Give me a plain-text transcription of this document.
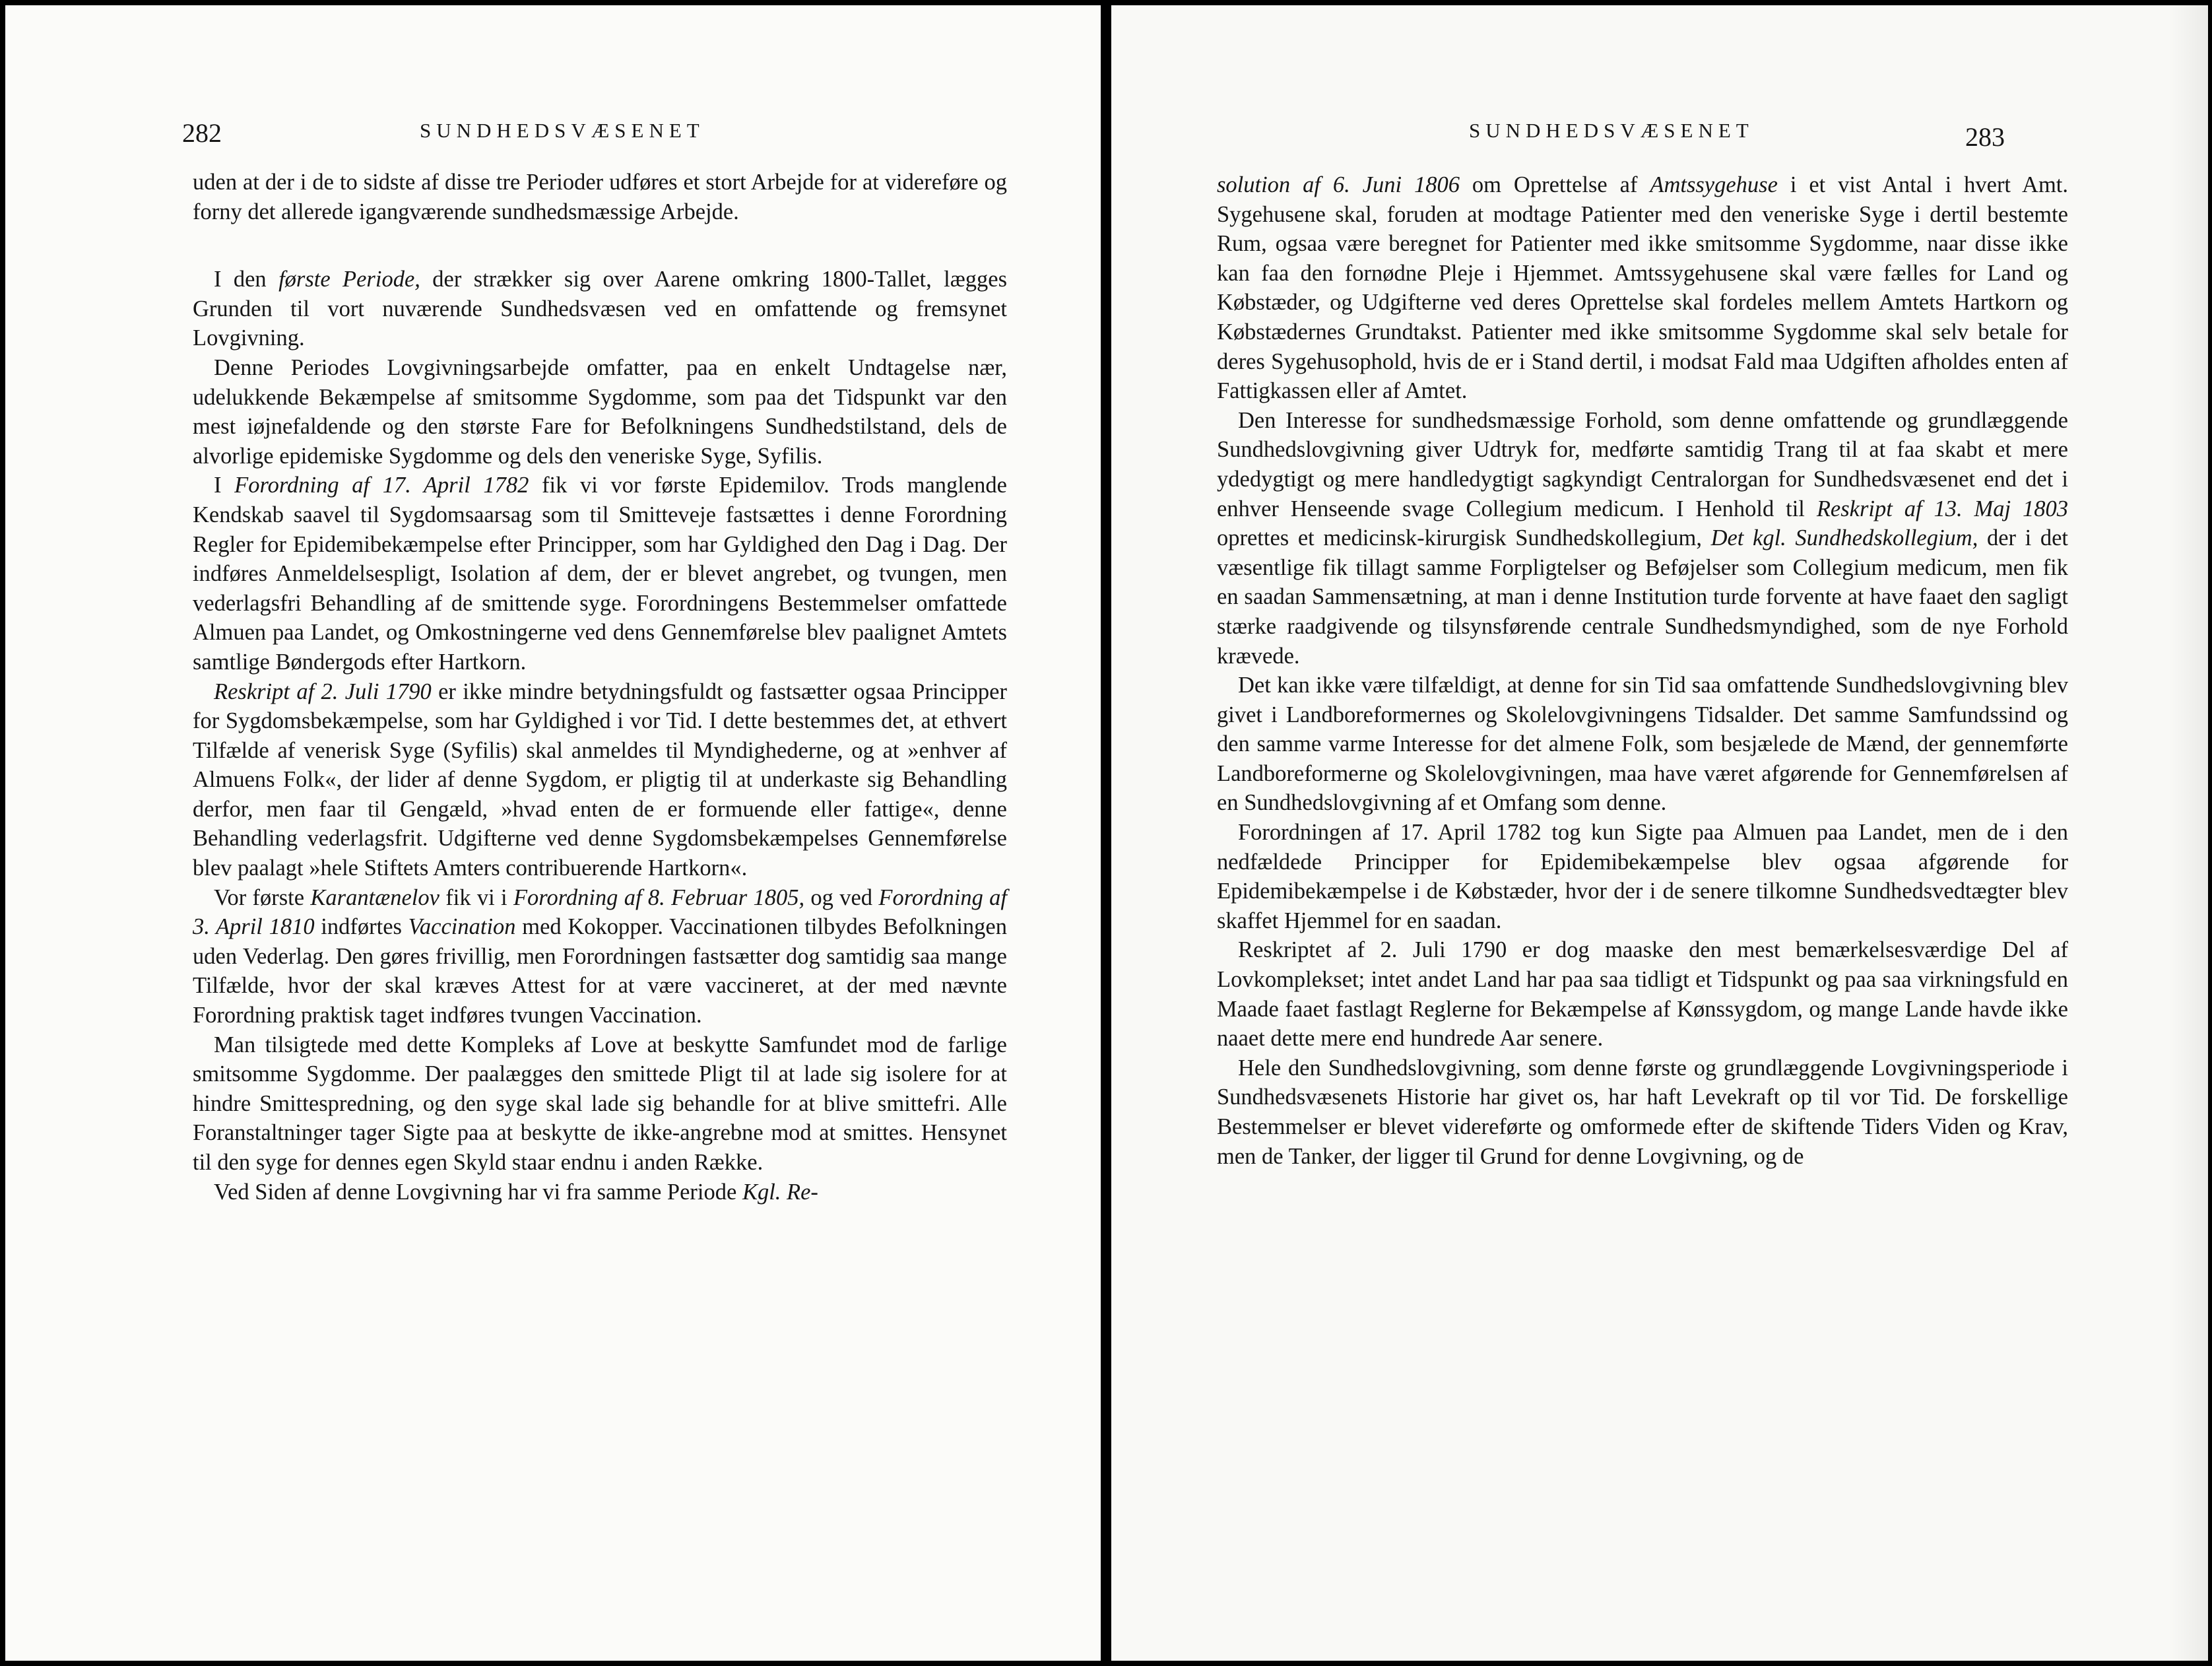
282	SUNDHEDSVÆSENET

uden at der i de to sidste af disse tre Perioder udføres et stort Arbejde for at videreføre og forny det allerede igangværende sundhedsmæssige Arbejde.

I den første Periode, der strækker sig over Aarene omkring 1800-Tallet, lægges Grunden til vort nuværende Sundhedsvæsen ved en omfattende og fremsynet Lovgivning.

Denne Periodes Lovgivningsarbejde omfatter, paa en enkelt Undtagelse nær, udelukkende Bekæmpelse af smitsomme Sygdomme, som paa det Tidspunkt var den mest iøjnefaldende og den største Fare for Befolkningens Sundhedstilstand, dels de alvorlige epidemiske Sygdomme og dels den veneriske Syge, Syfilis.

I Forordning af 17. April 1782 fik vi vor første Epidemilov. Trods manglende Kendskab saavel til Sygdomsaarsag som til Smitteveje fastsættes i denne Forordning Regler for Epidemibekæmpelse efter Principper, som har Gyldighed den Dag i Dag. Der indføres Anmeldelsespligt, Isolation af dem, der er blevet angrebet, og tvungen, men vederlagsfri Behandling af de smittende syge. Forordningens Bestemmelser omfattede Almuen paa Landet, og Omkostningerne ved dens Gennemførelse blev paalignet Amtets samtlige Bøndergods efter Hartkorn.

Reskript af 2. Juli 1790 er ikke mindre betydningsfuldt og fastsætter ogsaa Principper for Sygdomsbekæmpelse, som har Gyldighed i vor Tid. I dette bestemmes det, at ethvert Tilfælde af venerisk Syge (Syfilis) skal anmeldes til Myndighederne, og at »enhver af Almuens Folk«, der lider af denne Sygdom, er pligtig til at underkaste sig Behandling derfor, men faar til Gengæld, »hvad enten de er formuende eller fattige«, denne Behandling vederlagsfrit. Udgifterne ved denne Sygdomsbekæmpelses Gennemførelse blev paalagt »hele Stiftets Amters contribuerende Hartkorn«.

Vor første Karantænelov fik vi i Forordning af 8. Februar 1805, og ved Forordning af 3. April 1810 indførtes Vaccination med Kokopper. Vaccinationen tilbydes Befolkningen uden Vederlag. Den gøres frivillig, men Forordningen fastsætter dog samtidig saa mange Tilfælde, hvor der skal kræves Attest for at være vaccineret, at der med nævnte Forordning praktisk taget indføres tvungen Vaccination.

Man tilsigtede med dette Kompleks af Love at beskytte Samfundet mod de farlige smitsomme Sygdomme. Der paalægges den smittede Pligt til at lade sig isolere for at hindre Smittespredning, og den syge skal lade sig behandle for at blive smittefri. Alle Foranstaltninger tager Sigte paa at beskytte de ikke-angrebne mod at smittes. Hensynet til den syge for dennes egen Skyld staar endnu i anden Række.

Ved Siden af denne Lovgivning har vi fra samme Periode Kgl. Re-

283
SUNDHEDSVÆSENET

solution af 6. Juni 1806 om Oprettelse af Amtssygehuse i et vist Antal i hvert Amt. Sygehusene skal, foruden at modtage Patienter med den veneriske Syge i dertil bestemte Rum, ogsaa være beregnet for Patienter med ikke smitsomme Sygdomme, naar disse ikke kan faa den fornødne Pleje i Hjemmet. Amtssygehusene skal være fælles for Land og Købstæder, og Udgifterne ved deres Oprettelse skal fordeles mellem Amtets Hartkorn og Købstædernes Grundtakst. Patienter med ikke smitsomme Sygdomme skal selv betale for deres Sygehusophold, hvis de er i Stand dertil, i modsat Fald maa Udgiften afholdes enten af Fattigkassen eller af Amtet.

Den Interesse for sundhedsmæssige Forhold, som denne omfattende og grundlæggende Sundhedslovgivning giver Udtryk for, medførte samtidig Trang til at faa skabt et mere ydedygtigt og mere handledygtigt sagkyndigt Centralorgan for Sundhedsvæsenet end det i enhver Henseende svage Collegium medicum. I Henhold til Reskript af 13. Maj 1803 oprettes et medicinsk-kirurgisk Sundhedskollegium, Det kgl. Sundhedskollegium, der i det væsentlige fik tillagt samme Forpligtelser og Beføjelser som Collegium medicum, men fik en saadan Sammensætning, at man i denne Institution turde forvente at have faaet den sagligt stærke raadgivende og tilsynsførende centrale Sundhedsmyndighed, som de nye Forhold krævede.

Det kan ikke være tilfældigt, at denne for sin Tid saa omfattende Sundhedslovgivning blev givet i Landboreformernes og Skolelovgivningens Tidsalder. Det samme Samfundssind og den samme varme Interesse for det almene Folk, som besjælede de Mænd, der gennemførte Landboreformerne og Skolelovgivningen, maa have været afgørende for Gennemførelsen af en Sundhedslovgivning af et Omfang som denne.

Forordningen af 17. April 1782 tog kun Sigte paa Almuen paa Landet, men de i den nedfældede Principper for Epidemibekæmpelse blev ogsaa afgørende for Epidemibekæmpelse i de Købstæder, hvor der i de senere tilkomne Sundhedsvedtægter blev skaffet Hjemmel for en saadan.

Reskriptet af 2. Juli 1790 er dog maaske den mest bemærkelsesværdige Del af Lovkomplekset; intet andet Land har paa saa tidligt et Tidspunkt og paa saa virkningsfuld en Maade faaet fastlagt Reglerne for Bekæmpelse af Kønssygdom, og mange Lande havde ikke naaet dette mere end hundrede Aar senere.

Hele den Sundhedslovgivning, som denne første og grundlæggende Lovgivningsperiode i Sundhedsvæsenets Historie har givet os, har haft Levekraft op til vor Tid. De forskellige Bestemmelser er blevet videreførte og omformede efter de skiftende Tiders Viden og Krav, men de Tanker, der ligger til Grund for denne Lovgivning, og de
